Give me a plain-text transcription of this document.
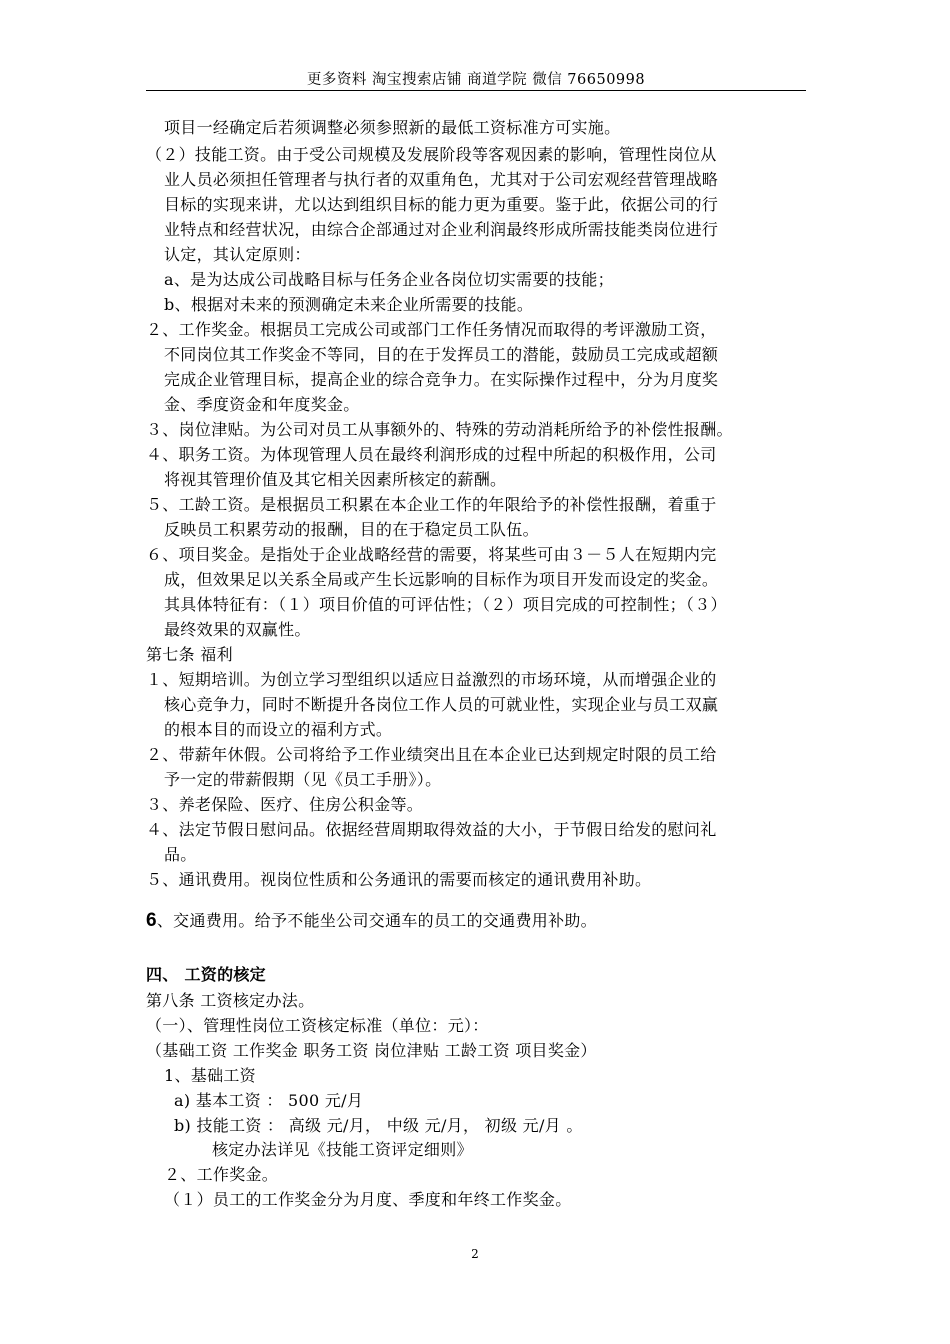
更多资料 淘宝搜索店铺 商道学院 微信 76650998
项目一经确定后若须调整必须参照新的最低工资标准方可实施。
（２）技能工资。由于受公司规模及发展阶段等客观因素的影响，管理性岗位从
业人员必须担任管理者与执行者的双重角色，尤其对于公司宏观经营管理战略
目标的实现来讲，尤以达到组织目标的能力更为重要。鉴于此，依据公司的行
业特点和经营状况，由综合企部通过对企业利润最终形成所需技能类岗位进行
认定，其认定原则：
a、是为达成公司战略目标与任务企业各岗位切实需要的技能；
b、根据对未来的预测确定未来企业所需要的技能。
２、工作奖金。根据员工完成公司或部门工作任务情况而取得的考评激励工资，
不同岗位其工作奖金不等同，目的在于发挥员工的潜能，鼓励员工完成或超额
完成企业管理目标，提高企业的综合竞争力。在实际操作过程中，分为月度奖
金、季度资金和年度奖金。
３、岗位津贴。为公司对员工从事额外的、特殊的劳动消耗所给予的补偿性报酬。
４、职务工资。为体现管理人员在最终利润形成的过程中所起的积极作用，公司
将视其管理价值及其它相关因素所核定的薪酬。
５、工龄工资。是根据员工积累在本企业工作的年限给予的补偿性报酬，着重于
反映员工积累劳动的报酬，目的在于稳定员工队伍。
６、项目奖金。是指处于企业战略经营的需要，将某些可由３－５人在短期内完
成，但效果足以关系全局或产生长远影响的目标作为项目开发而设定的奖金。
其具体特征有：（１）项目价值的可评估性；（２）项目完成的可控制性；（３）
最终效果的双赢性。
第七条 福利
１、短期培训。为创立学习型组织以适应日益激烈的市场环境，从而增强企业的
核心竞争力，同时不断提升各岗位工作人员的可就业性，实现企业与员工双赢
的根本目的而设立的福利方式。
２、带薪年休假。公司将给予工作业绩突出且在本企业已达到规定时限的员工给
予一定的带薪假期（见《员工手册》）。
３、养老保险、医疗、住房公积金等。
４、法定节假日慰问品。依据经营周期取得效益的大小，于节假日给发的慰问礼
品。
５、通讯费用。视岗位性质和公务通讯的需要而核定的通讯费用补助。
6、交通费用。给予不能坐公司交通车的员工的交通费用补助。
四、 工资的核定
第八条 工资核定办法。
（一）、管理性岗位工资核定标准（单位：元）：
（基础工资 工作奖金 职务工资 岗位津贴 工龄工资 项目奖金）
1、基础工资
a) 基本工资 ： 500 元/月
b) 技能工资 ： 高级 元/月， 中级 元/月， 初级 元/月 。
核定办法详见《技能工资评定细则》
２、工作奖金。
（１）员工的工作奖金分为月度、季度和年终工作奖金。
2
